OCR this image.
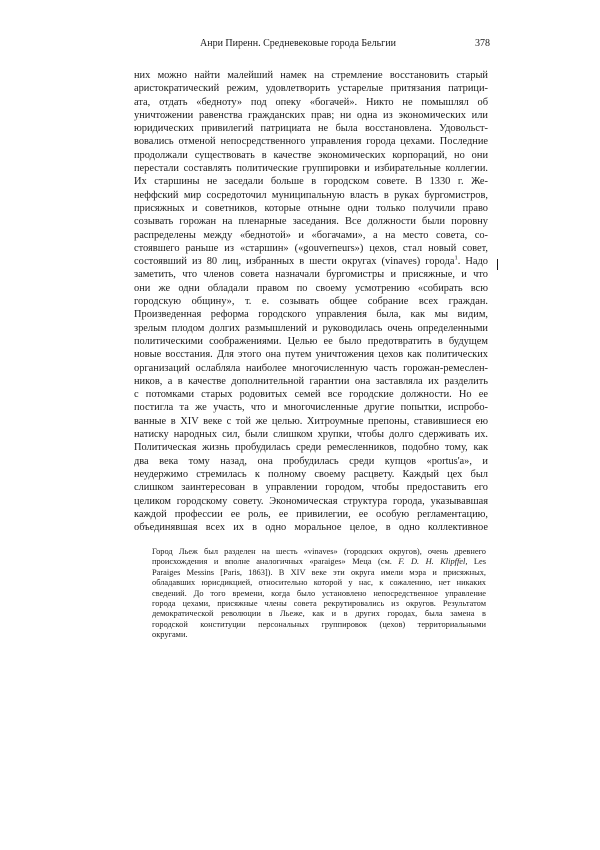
Анри Пиренн. Средневековые города Бельгии	378
них можно найти малейший намек на стремление восстановить старый
аристократический режим, удовлетворить устарелые притязания патрици-
ата, отдать «бедноту» под опеку «богачей». Никто не помышлял об
уничтожении равенства гражданских прав; ни одна из экономических или
юридических привилегий патрициата не была восстановлена. Удовольст-
вовались отменой непосредственного управления города цехами. Последние
продолжали существовать в качестве экономических корпораций, но они
перестали составлять политические группировки и избирательные коллегии.
Их старшины не заседали больше в городском совете. В 1330 г. Же-
неффский мир сосредоточил муниципальную власть в руках бургомистров,
присяжных и советников, которые отныне одни только получили право
созывать горожан на пленарные заседания. Все должности были поровну
распределены между «беднотой» и «богачами», а на место совета, со-
стоявшего раньше из «старшин» («gouverneurs») цехов, стал новый совет,
состоявший из 80 лиц, избранных в шести округах (vinaves) города$^1$. Надо
заметить, что членов совета назначали бургомистры и присяжные, и что
они же одни обладали правом по своему усмотрению «собирать всю
городскую общину», т. е. созывать общее собрание всех граждан.
Произведенная реформа городского управления была, как мы видим,
зрелым плодом долгих размышлений и руководилась очень определенными
политическими соображениями. Целью ее было предотвратить в будущем
новые восстания. Для этого она путем уничтожения цехов как политических
организаций ослабляла наиболее многочисленную часть горожан-ремеслен-
ников, а в качестве дополнительной гарантии она заставляла их разделить
с потомками старых родовитых семей все городские должности. Но ее
постигла та же участь, что и многочисленные другие попытки, испробо-
ванные в XIV веке с той же целью. Хитроумные препоны, ставившиеся ею
натиску народных сил, были слишком хрупки, чтобы долго сдерживать их.
Политическая жизнь пробудилась среди ремесленников, подобно тому, как
два века тому назад, она пробудилась среди купцов «portus'a», и
неудержимо стремилась к полному своему расцвету. Каждый цех был
слишком заинтересован в управлении городом, чтобы предоставить его
целиком городскому совету. Экономическая структура города, указывавшая
каждой профессии ее роль, ее привилегии, ее особую регламентацию,
объединявшая всех их в одно моральное целое, в одно коллективное
Город Льеж был разделен на шесть «vinaves» (городских округов), очень древнего
происхождения и вполне аналогичных «paraiges» Меца (см. F. D. H. Klipffel, Les
Paraiges Messins [Paris, 1863]). В XIV веке эти округа имели мэра и присяжных,
обладавших юрисдикцией, относительно которой у нас, к сожалению, нет никаких
сведений. До того времени, когда было установлено непосредственное управление
города цехами, присяжные члены совета рекрутировались из округов. Результатом
демократической революции в Льеже, как и в других городах, была замена в
городской конституции персональных группировок (цехов) территориальными
округами.
